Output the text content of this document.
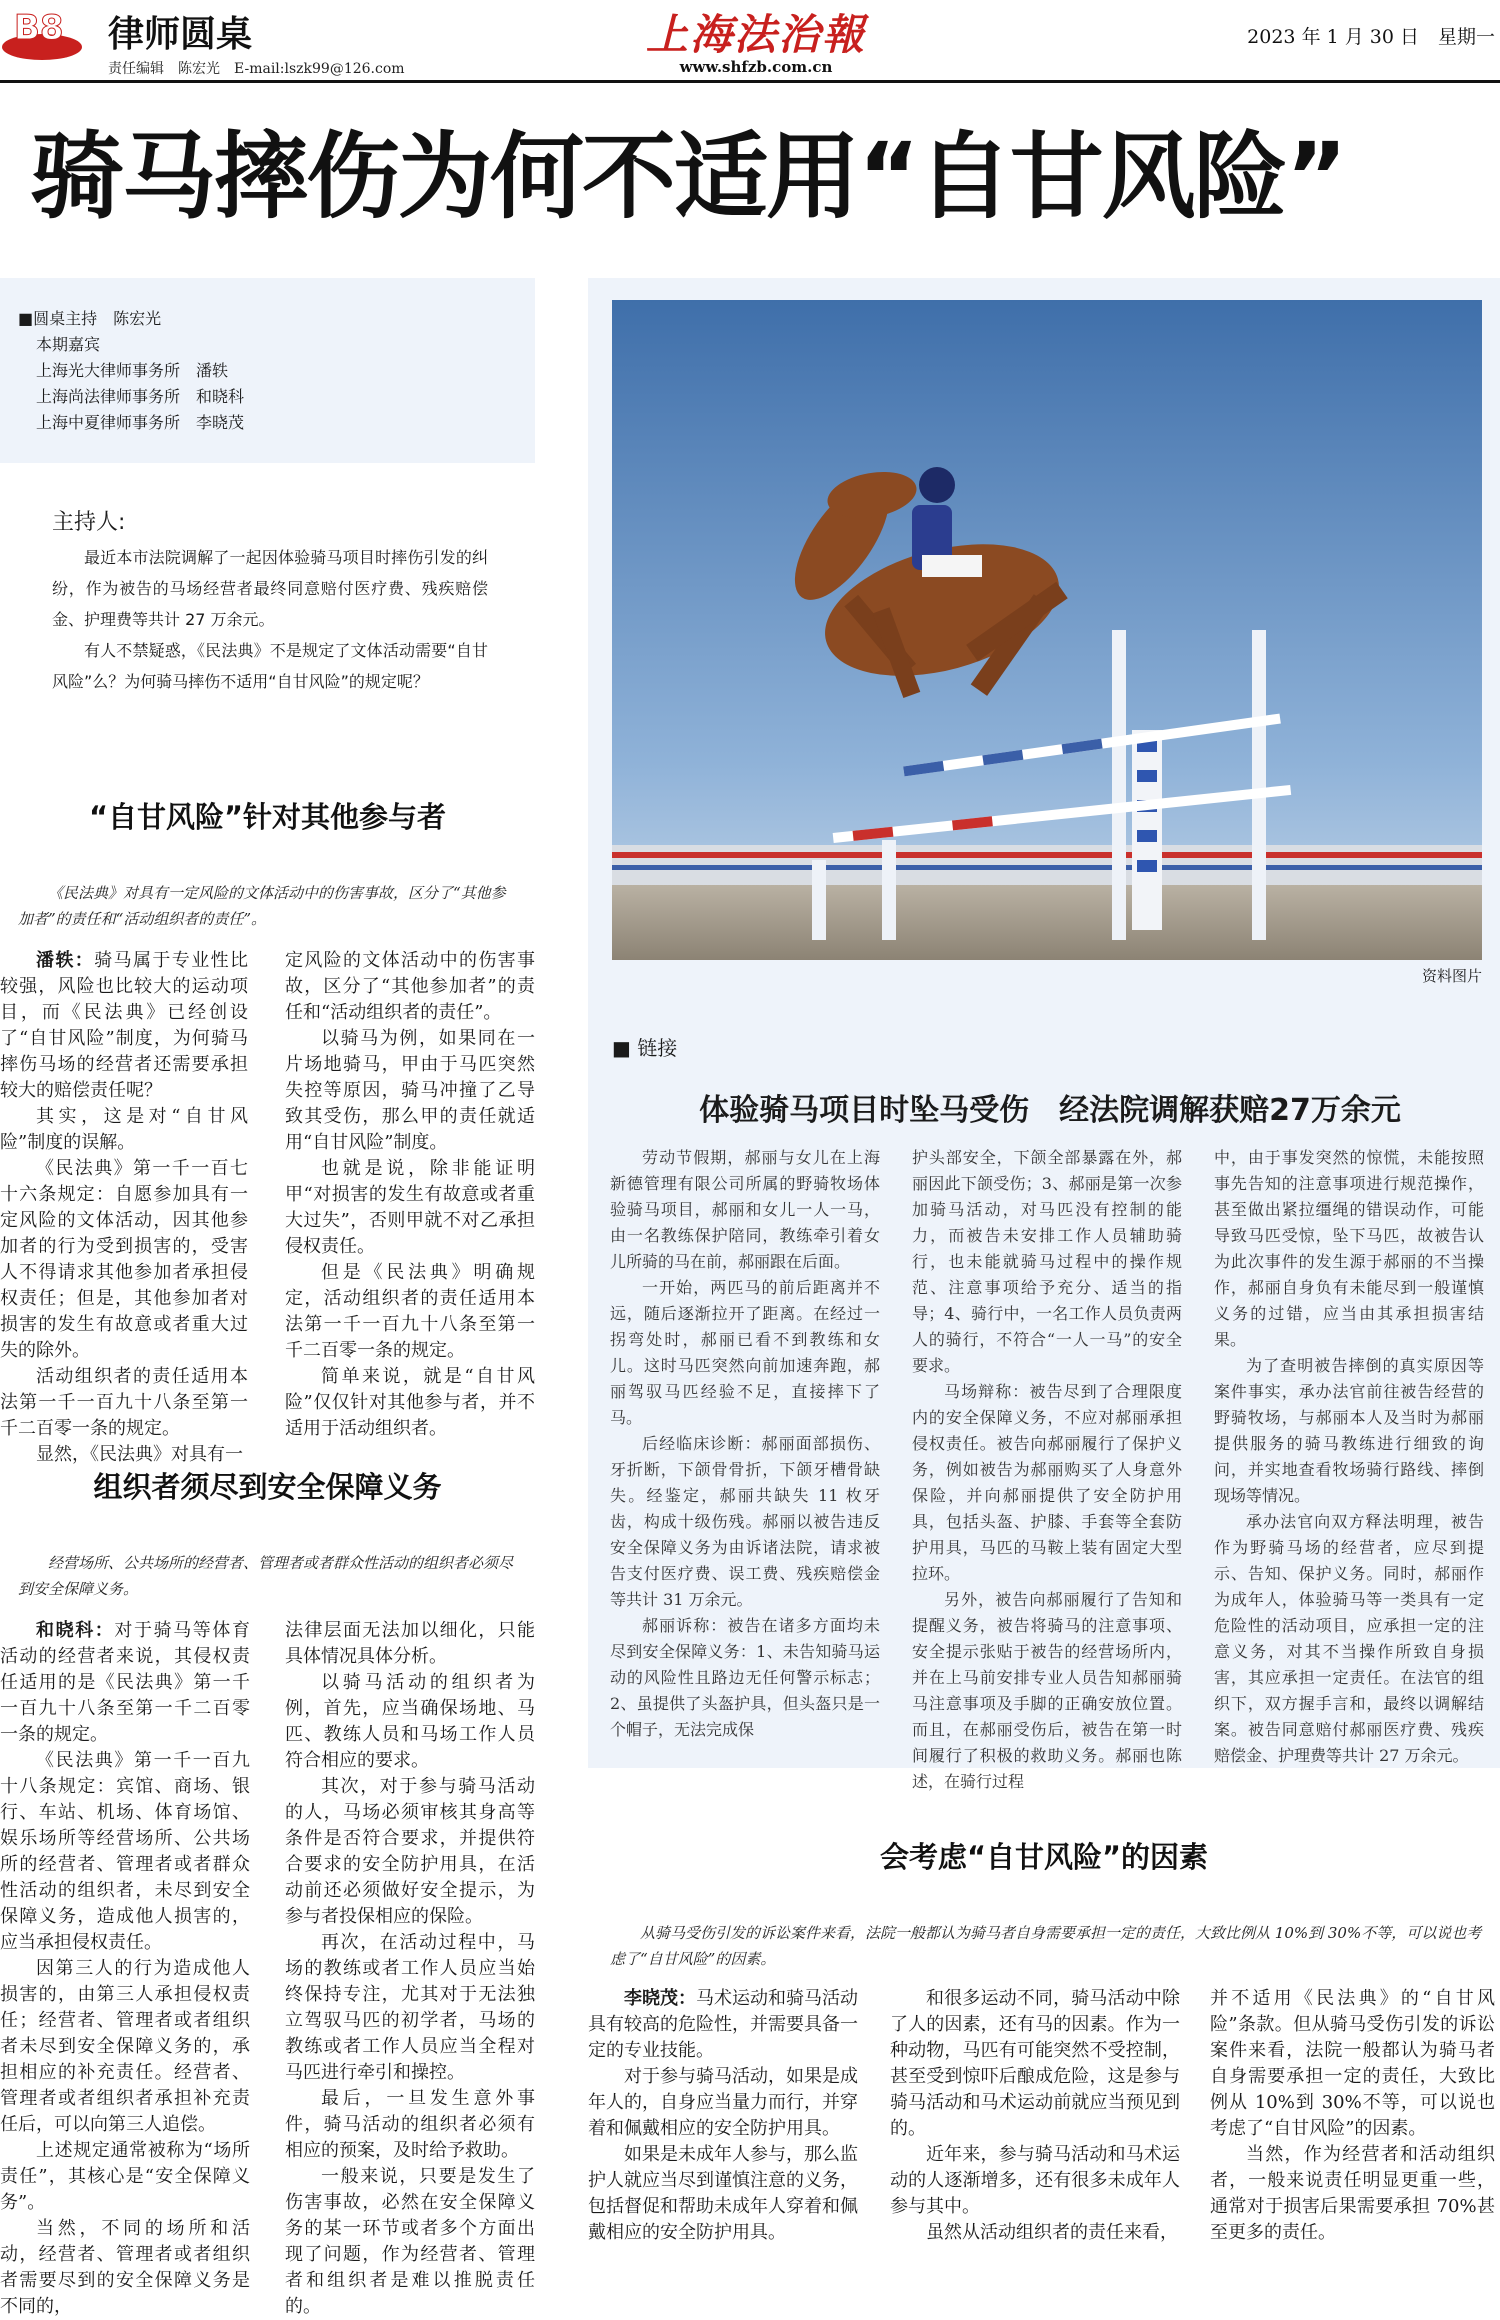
B8 律师圆桌
责任编辑　陈宏光　E-mail:lszk99@126.com
上海法治報
www.shfzb.com.cn
2023 年 1 月 30 日　星期一
骑马摔伤为何不适用“自甘风险”
■圆桌主持　陈宏光
本期嘉宾
上海光大律师事务所　潘轶
上海尚法律师事务所　和晓科
上海中夏律师事务所　李晓茂
主持人:

最近本市法院调解了一起因体验骑马项目时摔伤引发的纠纷，作为被告的马场经营者最终同意赔付医疗费、残疾赔偿金、护理费等共计 27 万余元。

有人不禁疑惑，《民法典》不是规定了文体活动需要“自甘风险”么？为何骑马摔伤不适用“自甘风险”的规定呢？

“自甘风险”针对其他参与者
《民法典》对具有一定风险的文体活动中的伤害事故，区分了“其他参加者”的责任和“活动组织者的责任”。

潘轶：骑马属于专业性比较强，风险也比较大的运动项目，而《民法典》已经创设了“自甘风险”制度，为何骑马摔伤马场的经营者还需要承担较大的赔偿责任呢？

其实，这是对“自甘风险”制度的误解。

《民法典》第一千一百七十六条规定：自愿参加具有一定风险的文体活动，因其他参加者的行为受到损害的，受害人不得请求其他参加者承担侵权责任；但是，其他参加者对损害的发生有故意或者重大过失的除外。

活动组织者的责任适用本法第一千一百九十八条至第一千二百零一条的规定。

显然，《民法典》对具有一

定风险的文体活动中的伤害事故，区分了“其他参加者”的责任和“活动组织者的责任”。

以骑马为例，如果同在一片场地骑马，甲由于马匹突然失控等原因，骑马冲撞了乙导致其受伤，那么甲的责任就适用“自甘风险”制度。

也就是说，除非能证明甲“对损害的发生有故意或者重大过失”，否则甲就不对乙承担侵权责任。

但是《民法典》明确规定，活动组织者的责任适用本法第一千一百九十八条至第一千二百零一条的规定。

简单来说，就是“自甘风险”仅仅针对其他参与者，并不适用于活动组织者。

组织者须尽到安全保障义务
经营场所、公共场所的经营者、管理者或者群众性活动的组织者必须尽到安全保障义务。

和晓科：对于骑马等体育活动的经营者来说，其侵权责任适用的是《民法典》第一千一百九十八条至第一千二百零一条的规定。

《民法典》第一千一百九十八条规定：宾馆、商场、银行、车站、机场、体育场馆、娱乐场所等经营场所、公共场所的经营者、管理者或者群众性活动的组织者，未尽到安全保障义务，造成他人损害的，应当承担侵权责任。

因第三人的行为造成他人损害的，由第三人承担侵权责任；经营者、管理者或者组织者未尽到安全保障义务的，承担相应的补充责任。经营者、管理者或者组织者承担补充责任后，可以向第三人追偿。

上述规定通常被称为“场所责任”，其核心是“安全保障义务”。

当然，不同的场所和活动，经营者、管理者或者组织者需要尽到的安全保障义务是不同的，

法律层面无法加以细化，只能具体情况具体分析。

以骑马活动的组织者为例，首先，应当确保场地、马匹、教练人员和马场工作人员符合相应的要求。

其次，对于参与骑马活动的人，马场必须审核其身高等条件是否符合要求，并提供符合要求的安全防护用具，在活动前还必须做好安全提示，为参与者投保相应的保险。

再次，在活动过程中，马场的教练或者工作人员应当始终保持专注，尤其对于无法独立驾驭马匹的初学者，马场的教练或者工作人员应当全程对马匹进行牵引和操控。

最后，一旦发生意外事件，骑马活动的组织者必须有相应的预案，及时给予救助。

一般来说，只要是发生了伤害事故，必然在安全保障义务的某一环节或者多个方面出现了问题，作为经营者、管理者和组织者是难以推脱责任的。

资料图片
■ 链接
体验骑马项目时坠马受伤　经法院调解获赔27万余元

劳动节假期，郝丽与女儿在上海新德管理有限公司所属的野骑牧场体验骑马项目，郝丽和女儿一人一马，由一名教练保护陪同，教练牵引着女儿所骑的马在前，郝丽跟在后面。

一开始，两匹马的前后距离并不远，随后逐渐拉开了距离。在经过一拐弯处时，郝丽已看不到教练和女儿。这时马匹突然向前加速奔跑，郝丽驾驭马匹经验不足，直接摔下了马。

后经临床诊断：郝丽面部损伤、牙折断，下颌骨骨折，下颌牙槽骨缺失。经鉴定，郝丽共缺失 11 枚牙齿，构成十级伤残。郝丽以被告违反安全保障义务为由诉诸法院，请求被告支付医疗费、误工费、残疾赔偿金等共计 31 万余元。

郝丽诉称：被告在诸多方面均未尽到安全保障义务：1、未告知骑马运动的风险性且路边无任何警示标志；2、虽提供了头盔护具，但头盔只是一个帽子，无法完成保

护头部安全，下颌全部暴露在外，郝丽因此下颌受伤；3、郝丽是第一次参加骑马活动，对马匹没有控制的能力，而被告未安排工作人员辅助骑行，也未能就骑马过程中的操作规范、注意事项给予充分、适当的指导；4、骑行中，一名工作人员负责两人的骑行，不符合“一人一马”的安全要求。

马场辩称：被告尽到了合理限度内的安全保障义务，不应对郝丽承担侵权责任。被告向郝丽履行了保护义务，例如被告为郝丽购买了人身意外保险，并向郝丽提供了安全防护用具，包括头盔、护膝、手套等全套防护用具，马匹的马鞍上装有固定大型拉环。

另外，被告向郝丽履行了告知和提醒义务，被告将骑马的注意事项、安全提示张贴于被告的经营场所内，并在上马前安排专业人员告知郝丽骑马注意事项及手脚的正确安放位置。而且，在郝丽受伤后，被告在第一时间履行了积极的救助义务。郝丽也陈述，在骑行过程

中，由于事发突然的惊慌，未能按照事先告知的注意事项进行规范操作，甚至做出紧拉缰绳的错误动作，可能导致马匹受惊，坠下马匹，故被告认为此次事件的发生源于郝丽的不当操作，郝丽自身负有未能尽到一般谨慎义务的过错，应当由其承担损害结果。

为了查明被告摔倒的真实原因等案件事实，承办法官前往被告经营的野骑牧场，与郝丽本人及当时为郝丽提供服务的骑马教练进行细致的询问，并实地查看牧场骑行路线、摔倒现场等情况。

承办法官向双方释法明理，被告作为野骑马场的经营者，应尽到提示、告知、保护义务。同时，郝丽作为成年人，体验骑马等一类具有一定危险性的活动项目，应承担一定的注意义务，对其不当操作所致自身损害，其应承担一定责任。在法官的组织下，双方握手言和，最终以调解结案。被告同意赔付郝丽医疗费、残疾赔偿金、护理费等共计 27 万余元。

会考虑“自甘风险”的因素
从骑马受伤引发的诉讼案件来看，法院一般都认为骑马者自身需要承担一定的责任，大致比例从 10%到 30%不等，可以说也考虑了“自甘风险”的因素。

李晓茂：马术运动和骑马活动具有较高的危险性，并需要具备一定的专业技能。

对于参与骑马活动，如果是成年人的，自身应当量力而行，并穿着和佩戴相应的安全防护用具。

如果是未成年人参与，那么监护人就应当尽到谨慎注意的义务，包括督促和帮助未成年人穿着和佩戴相应的安全防护用具。

和很多运动不同，骑马活动中除了人的因素，还有马的因素。作为一种动物，马匹有可能突然不受控制，甚至受到惊吓后酿成危险，这是参与骑马活动和马术运动前就应当预见到的。

近年来，参与骑马活动和马术运动的人逐渐增多，还有很多未成年人参与其中。

虽然从活动组织者的责任来看，

并不适用《民法典》的“自甘风险”条款。但从骑马受伤引发的诉讼案件来看，法院一般都认为骑马者自身需要承担一定的责任，大致比例从 10%到 30%不等，可以说也考虑了“自甘风险”的因素。

当然，作为经营者和活动组织者，一般来说责任明显更重一些，通常对于损害后果需要承担 70%甚至更多的责任。
